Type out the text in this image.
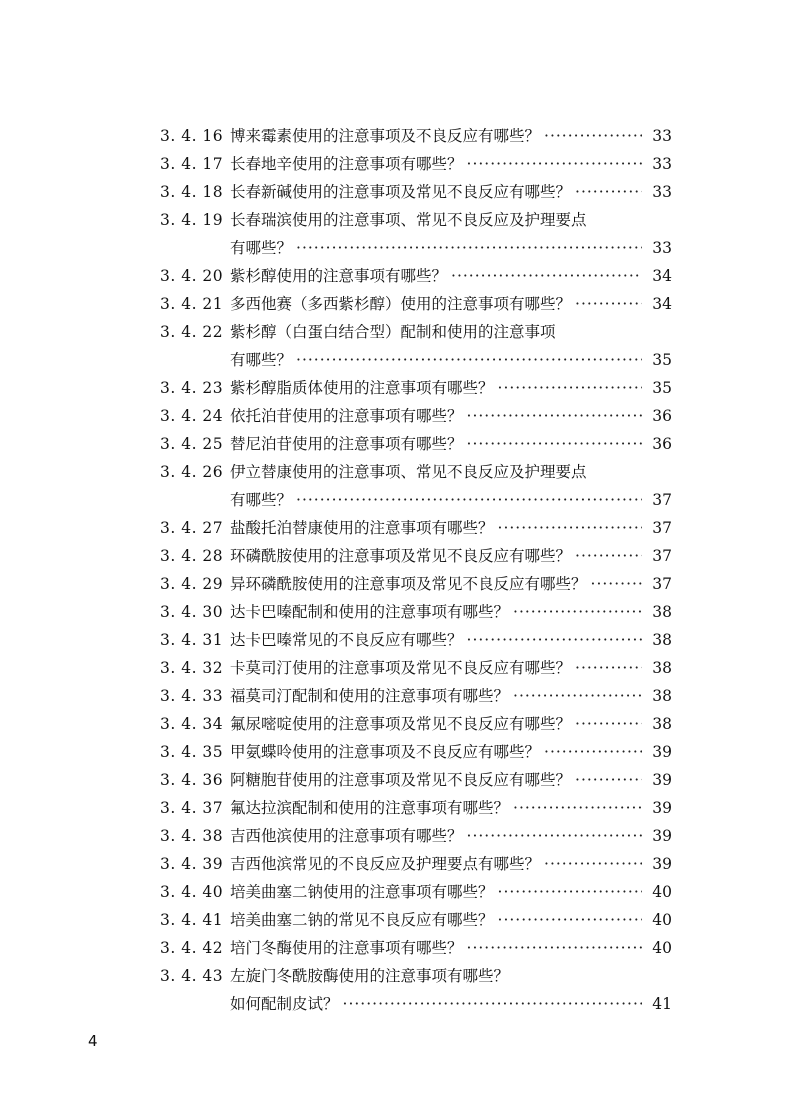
3. 4. 16 博来霉素使用的注意事项及不良反应有哪些？ ·····	33
3. 4. 17 长春地辛使用的注意事项有哪些？ ·····	33
3. 4. 18 长春新碱使用的注意事项及常见不良反应有哪些？ ·····	33
3. 4. 19 长春瑞滨使用的注意事项、常见不良反应及护理要点
有哪些？ ·····	33
3. 4. 20 紫杉醇使用的注意事项有哪些？ ·····	34
3. 4. 21 多西他赛（多西紫杉醇）使用的注意事项有哪些？ ·····	34
3. 4. 22 紫杉醇（白蛋白结合型）配制和使用的注意事项
有哪些？ ·····	35
3. 4. 23 紫杉醇脂质体使用的注意事项有哪些？ ·····	35
3. 4. 24 依托泊苷使用的注意事项有哪些？ ·····	36
3. 4. 25 替尼泊苷使用的注意事项有哪些？ ·····	36
3. 4. 26 伊立替康使用的注意事项、常见不良反应及护理要点
有哪些？ ·····	37
3. 4. 27 盐酸托泊替康使用的注意事项有哪些？ ·····	37
3. 4. 28 环磷酰胺使用的注意事项及常见不良反应有哪些？ ·····	37
3. 4. 29 异环磷酰胺使用的注意事项及常见不良反应有哪些？ ·····	37
3. 4. 30 达卡巴嗪配制和使用的注意事项有哪些？ ·····	38
3. 4. 31 达卡巴嗪常见的不良反应有哪些？ ·····	38
3. 4. 32 卡莫司汀使用的注意事项及常见不良反应有哪些？ ·····	38
3. 4. 33 福莫司汀配制和使用的注意事项有哪些？ ·····	38
3. 4. 34 氟尿嘧啶使用的注意事项及常见不良反应有哪些？ ·····	38
3. 4. 35 甲氨蝶呤使用的注意事项及不良反应有哪些？ ·····	39
3. 4. 36 阿糖胞苷使用的注意事项及常见不良反应有哪些？ ·····	39
3. 4. 37 氟达拉滨配制和使用的注意事项有哪些？ ·····	39
3. 4. 38 吉西他滨使用的注意事项有哪些？ ·····	39
3. 4. 39 吉西他滨常见的不良反应及护理要点有哪些？ ·····	39
3. 4. 40 培美曲塞二钠使用的注意事项有哪些？ ·····	40
3. 4. 41 培美曲塞二钠的常见不良反应有哪些？ ·····	40
3. 4. 42 培门冬酶使用的注意事项有哪些？ ·····	40
3. 4. 43 左旋门冬酰胺酶使用的注意事项有哪些？
如何配制皮试？ ·····	41
4
